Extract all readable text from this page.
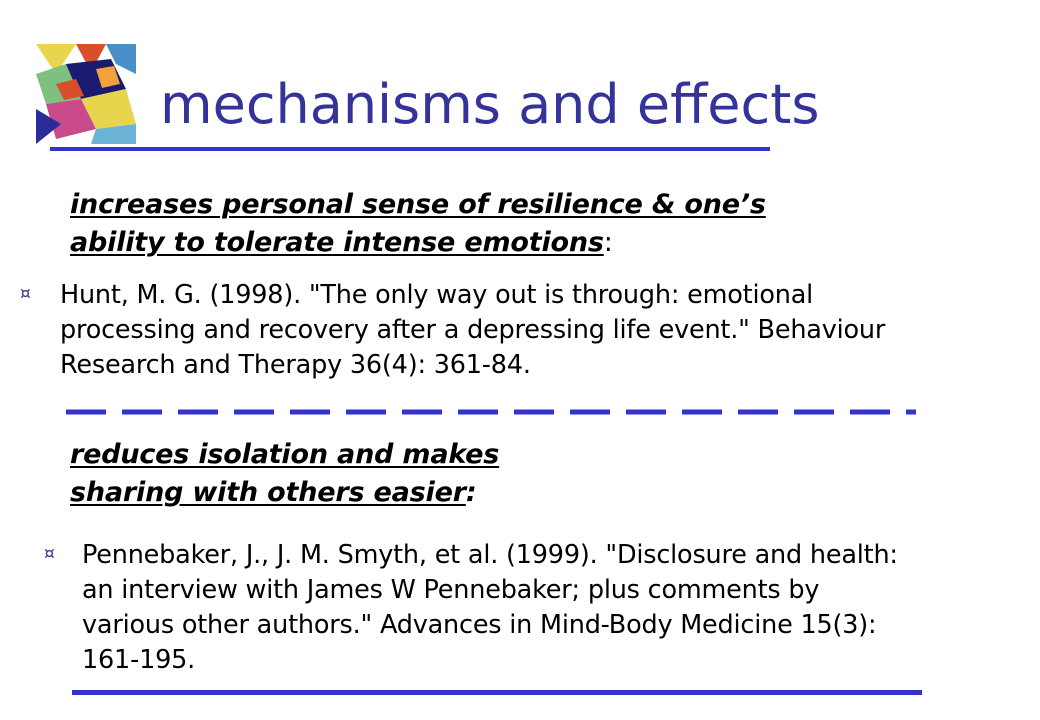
mechanisms and effects

increases personal sense of resilience & one’s
ability to tolerate intense emotions:

¤ Hunt, M. G. (1998). "The only way out is through: emotional
processing and recovery after a depressing life event." Behaviour
Research and Therapy 36(4): 361-84.

reduces isolation and makes
sharing with others easier:

¤ Pennebaker, J., J. M. Smyth, et al. (1999). "Disclosure and health:
an interview with James W Pennebaker; plus comments by
various other authors." Advances in Mind-Body Medicine 15(3):
161-195.
